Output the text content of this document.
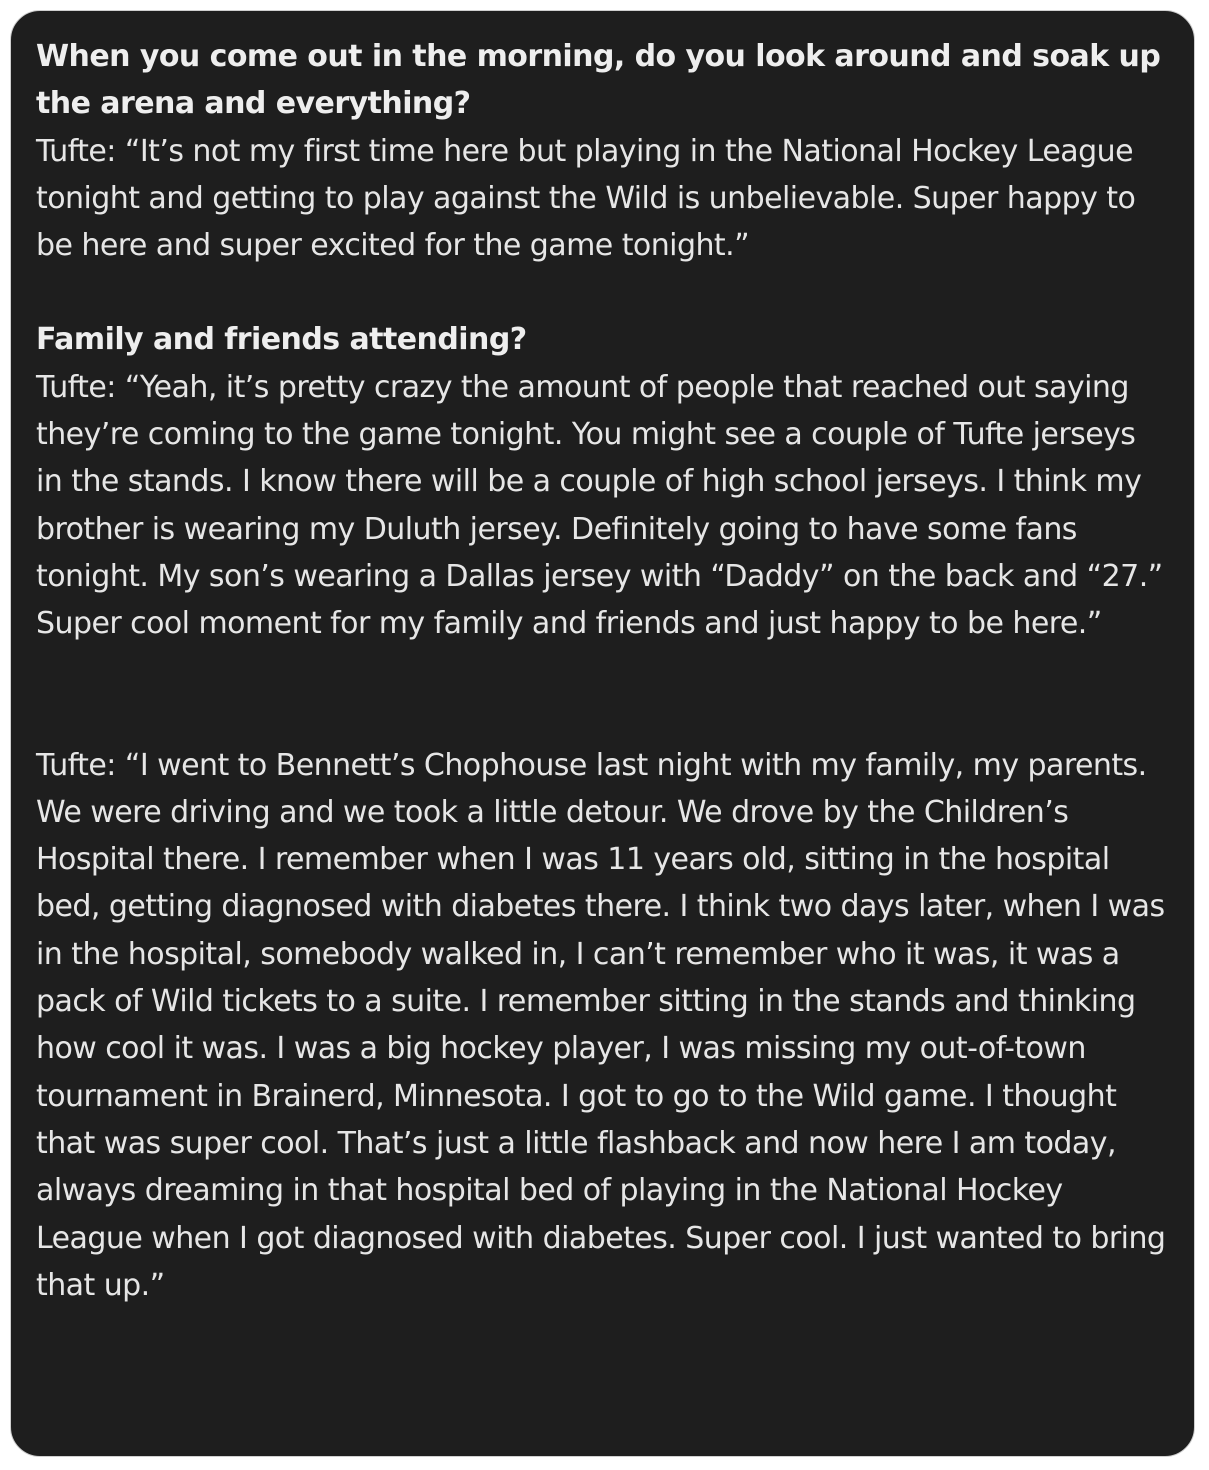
When you come out in the morning, do you look around and soak up the arena and everything?

Tufte: “It’s not my first time here but playing in the National Hockey League tonight and getting to play against the Wild is unbelievable. Super happy to be here and super excited for the game tonight.”

Family and friends attending?

Tufte: “Yeah, it’s pretty crazy the amount of people that reached out saying they’re coming to the game tonight. You might see a couple of Tufte jerseys in the stands. I know there will be a couple of high school jerseys. I think my brother is wearing my Duluth jersey. Definitely going to have some fans tonight. My son’s wearing a Dallas jersey with “Daddy” on the back and “27.” Super cool moment for my family and friends and just happy to be here.”

Tufte: “I went to Bennett’s Chophouse last night with my family, my parents. We were driving and we took a little detour. We drove by the Children’s Hospital there. I remember when I was 11 years old, sitting in the hospital bed, getting diagnosed with diabetes there. I think two days later, when I was in the hospital, somebody walked in, I can’t remember who it was, it was a pack of Wild tickets to a suite. I remember sitting in the stands and thinking how cool it was. I was a big hockey player, I was missing my out-of-town tournament in Brainerd, Minnesota. I got to go to the Wild game. I thought that was super cool. That’s just a little flashback and now here I am today, always dreaming in that hospital bed of playing in the National Hockey League when I got diagnosed with diabetes. Super cool. I just wanted to bring that up.”
